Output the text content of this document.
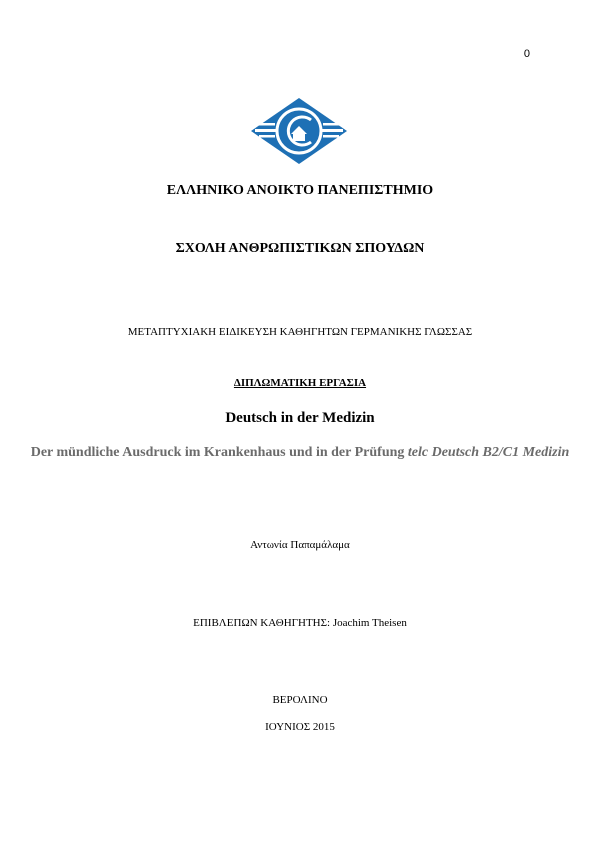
0
ΕΛΛΗΝΙΚΟ ΑΝΟΙΚΤΟ ΠΑΝΕΠΙΣΤΗΜΙΟ
ΣΧΟΛΗ ΑΝΘΡΩΠΙΣΤΙΚΩΝ ΣΠΟΥΔΩΝ
ΜΕΤΑΠΤΥΧΙΑΚΗ ΕΙΔΙΚΕΥΣΗ ΚΑΘΗΓΗΤΩΝ ΓΕΡΜΑΝΙΚΗΣ ΓΛΩΣΣΑΣ
ΔΙΠΛΩΜΑΤΙΚΗ ΕΡΓΑΣΙΑ
Deutsch in der Medizin
Der mündliche Ausdruck im Krankenhaus und in der Prüfung telc Deutsch B2/C1 Medizin
Αντωνία Παπαμάλαμα
ΕΠΙΒΛΕΠΩΝ ΚΑΘΗΓΗΤΗΣ: Joachim Theisen
ΒΕΡΟΛΙΝΟ
ΙΟΥΝΙΟΣ 2015
